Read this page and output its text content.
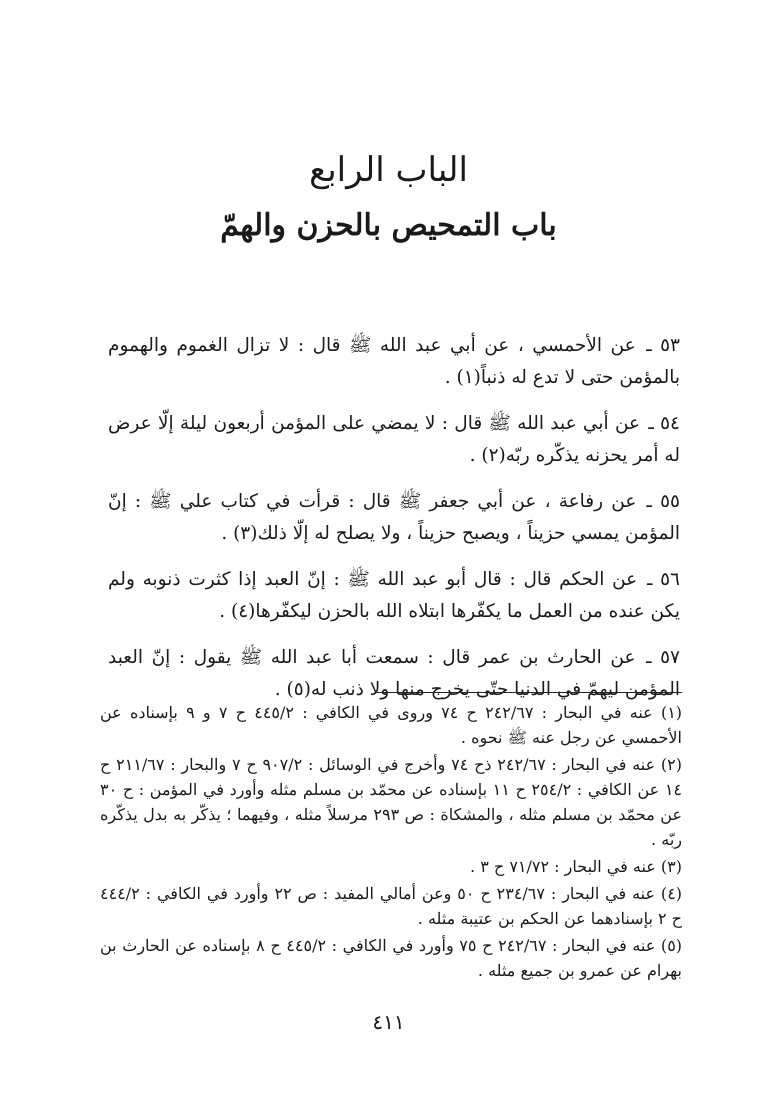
الباب الرابع
باب التمحيص بالحزن والهمّ

٥٣ ـ عن الأحمسي ، عن أبي عبد الله ﷺ قال : لا تزال الغموم والهموم بالمؤمن حتى لا تدع له ذنباً(١) .

٥٤ ـ عن أبي عبد الله ﷺ قال : لا يمضي على المؤمن أربعون ليلة إلّا عرض له أمر يحزنه يذكّره ربّه(٢) .

٥٥ ـ عن رفاعة ، عن أبي جعفر ﷺ قال : قرأت في كتاب علي ﷺ : إنّ المؤمن يمسي حزيناً ، ويصبح حزيناً ، ولا يصلح له إلّا ذلك(٣) .

٥٦ ـ عن الحكم قال : قال أبو عبد الله ﷺ : إنّ العبد إذا كثرت ذنوبه ولم يكن عنده من العمل ما يكفّرها ابتلاه الله بالحزن ليكفّرها(٤) .

٥٧ ـ عن الحارث بن عمر قال : سمعت أبا عبد الله ﷺ يقول : إنّ العبد المؤمن ليهمّ في الدنيا حتّى يخرج منها ولا ذنب له(٥) .

(١) عنه في البحار : ٢٤٢/٦٧ ح ٧٤ وروى في الكافي : ٤٤٥/٢ ح ٧ و ٩ بإسناده عن الأحمسي عن رجل عنه ﷺ نحوه .

(٢) عنه في البحار : ٢٤٢/٦٧ ذح ٧٤ وأخرج في الوسائل : ٩٠٧/٢ ح ٧ والبحار : ٢١١/٦٧ ح ١٤ عن الكافي : ٢٥٤/٢ ح ١١ بإسناده عن محمّد بن مسلم مثله وأورد في المؤمن : ح ٣٠ عن محمّد بن مسلم مثله ، والمشكاة : ص ٢٩٣ مرسلاً مثله ، وفيهما ؛ يذكّر به بدل يذكّره ربّه .

(٣) عنه في البحار : ٧١/٧٢ ح ٣ .

(٤) عنه في البحار : ٢٣٤/٦٧ ح ٥٠ وعن أمالي المفيد : ص ٢٢ وأورد في الكافي : ٤٤٤/٢ ح ٢ بإسنادهما عن الحكم بن عتيبة مثله .

(٥) عنه في البحار : ٢٤٢/٦٧ ح ٧٥ وأورد في الكافي : ٤٤٥/٢ ح ٨ بإسناده عن الحارث بن بهرام عن عمرو بن جميع مثله .

٤١١
